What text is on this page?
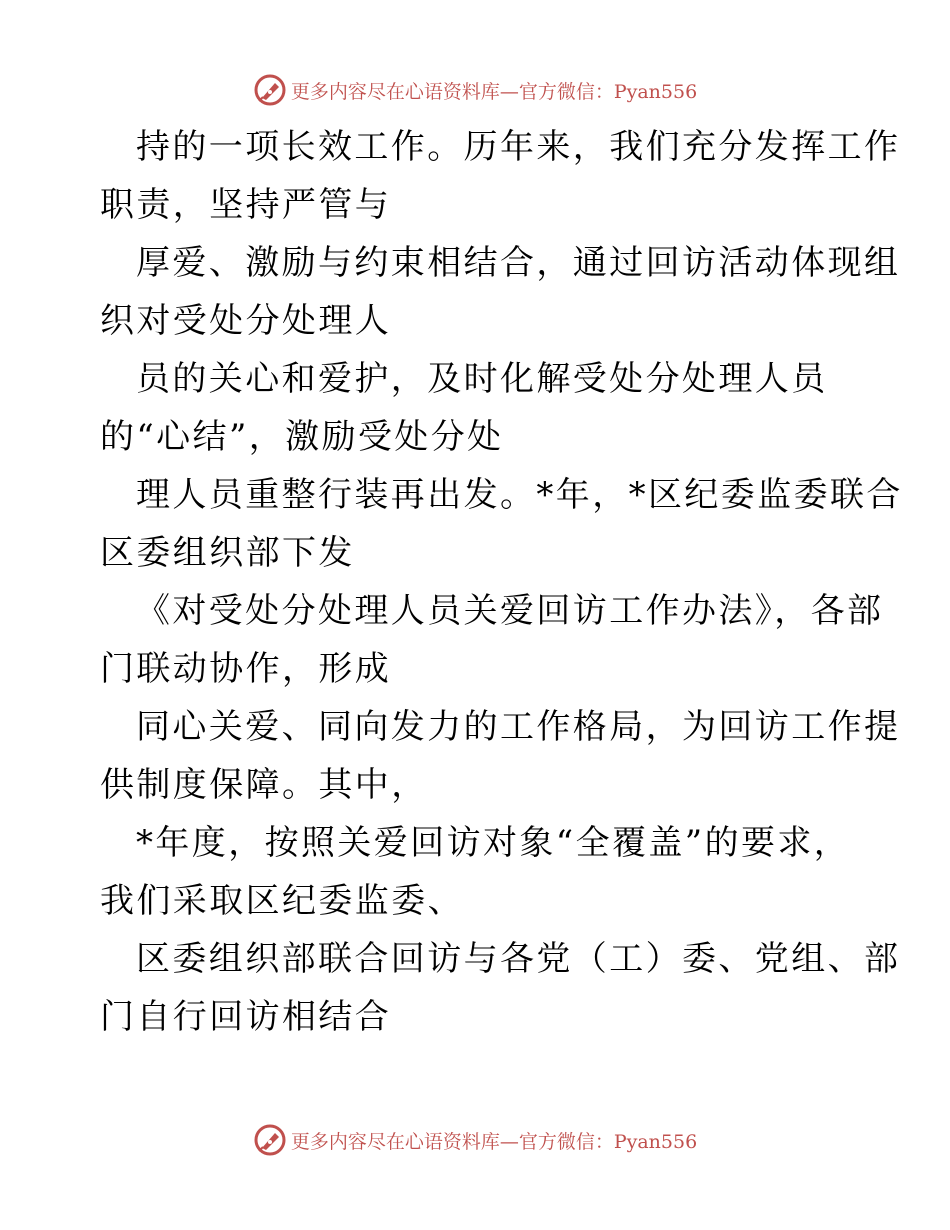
更多内容尽在心语资料库—官方微信：Pyan556

持的一项长效工作。历年来，我们充分发挥工作
职责，坚持严管与

厚爱、激励与约束相结合，通过回访活动体现组
织对受处分处理人

员的关心和爱护，及时化解受处分处理人员
的“心结”，激励受处分处

理人员重整行装再出发。*年，*区纪委监委联合
区委组织部下发

《对受处分处理人员关爱回访工作办法》，各部
门联动协作，形成

同心关爱、同向发力的工作格局，为回访工作提
供制度保障。其中，

*年度，按照关爱回访对象“全覆盖”的要求，
我们采取区纪委监委、

区委组织部联合回访与各党（工）委、党组、部
门自行回访相结合

更多内容尽在心语资料库—官方微信：Pyan556
